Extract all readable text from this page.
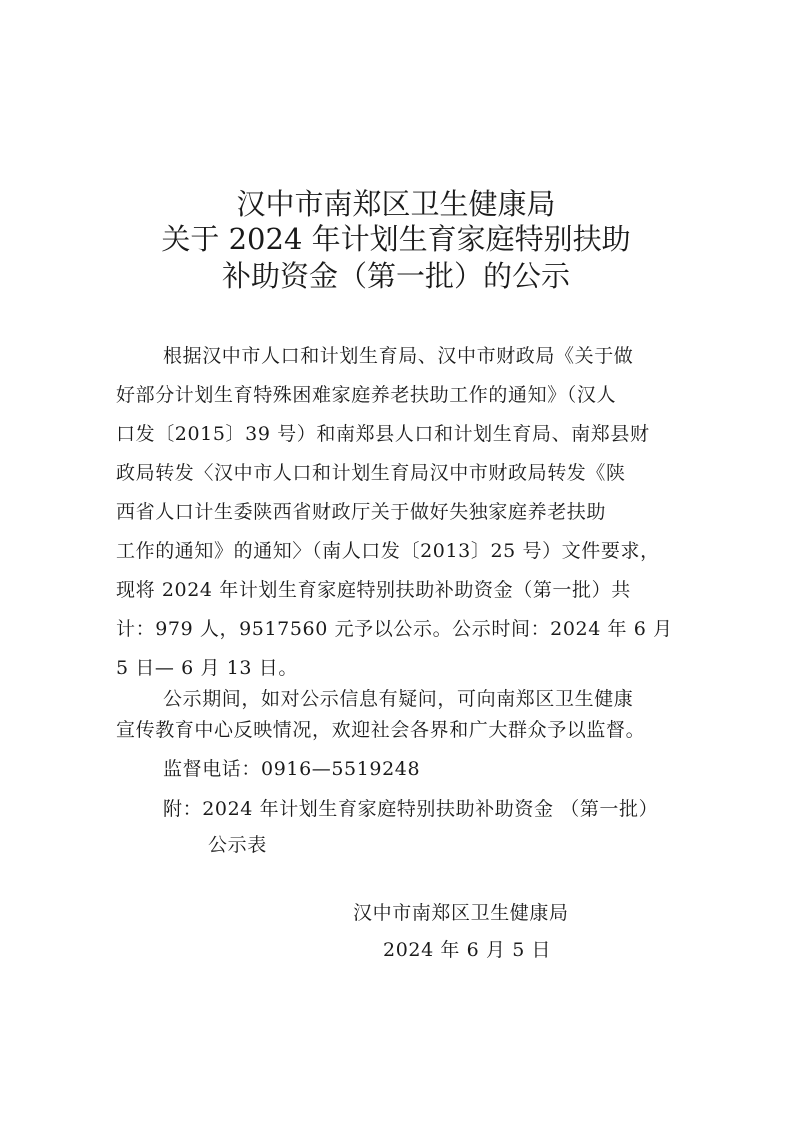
汉中市南郑区卫生健康局
关于 2024 年计划生育家庭特别扶助
补助资金（第一批）的公示
根据汉中市人口和计划生育局、汉中市财政局《关于做
好部分计划生育特殊困难家庭养老扶助工作的通知》（汉人
口发〔2015〕39 号）和南郑县人口和计划生育局、南郑县财
政局转发〈汉中市人口和计划生育局汉中市财政局转发《陕
西省人口计生委陕西省财政厅关于做好失独家庭养老扶助
工作的通知》的通知〉（南人口发〔2013〕25 号）文件要求，
现将 2024 年计划生育家庭特别扶助补助资金（第一批）共
计：979 人，9517560 元予以公示。公示时间：2024 年 6 月
5 日— 6 月 13 日。
公示期间，如对公示信息有疑问，可向南郑区卫生健康
宣传教育中心反映情况，欢迎社会各界和广大群众予以监督。
监督电话：0916—5519248
附：2024 年计划生育家庭特别扶助补助资金 （第一批）
公示表
汉中市南郑区卫生健康局
2024 年 6 月 5 日
